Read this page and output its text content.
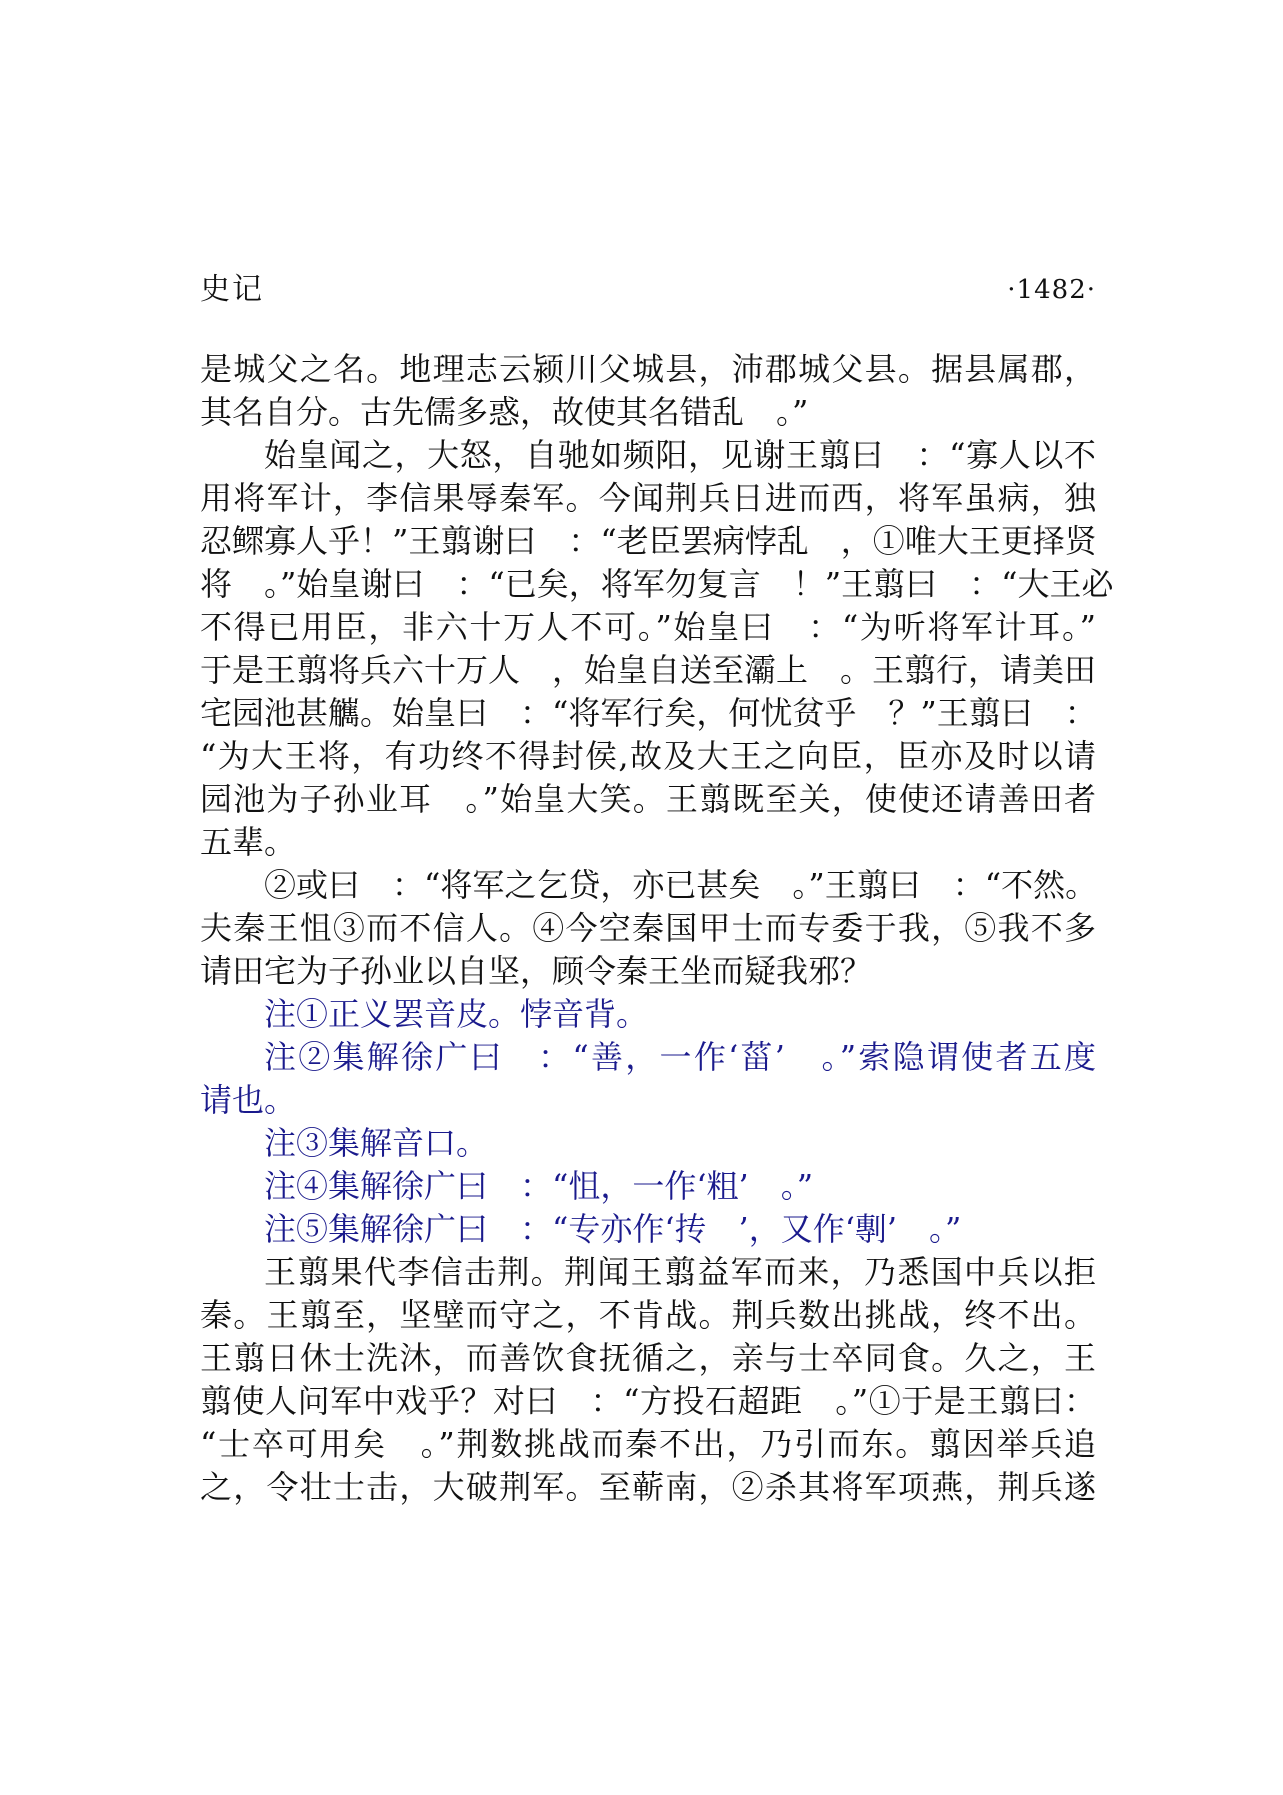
史记	·1482·
是城父之名。地理志云颍川父城县，沛郡城父县。据县属郡，
其名自分。古先儒多惑，故使其名错乱　。”
始皇闻之，大怒，自驰如频阳，见谢王翦曰　：“寡人以不
用将军计，李信果辱秦军。今闻荆兵日进而西，将军虽病，独
忍鳏寡人乎！”王翦谢曰　：“老臣罢病悖乱　，①唯大王更择贤
将　。”始皇谢曰　：“已矣，将军勿复言　！”王翦曰　：“大王必
不得已用臣，非六十万人不可。”始皇曰　：“为听将军计耳。”
于是王翦将兵六十万人　，始皇自送至灞上　。王翦行，请美田
宅园池甚觽。始皇曰　：“将军行矣，何忧贫乎　？”王翦曰　：
“为大王将，有功终不得封侯,故及大王之向臣，臣亦及时以请
园池为子孙业耳　。”始皇大笑。王翦既至关，使使还请善田者
五辈。
②或曰　：“将军之乞贷，亦已甚矣　。”王翦曰　：“不然。
夫秦王怚③而不信人。④今空秦国甲士而专委于我，⑤我不多
请田宅为子孙业以自坚，顾令秦王坐而疑我邪？
注①正义罢音皮。悖音背。
注②集解徐广曰　：“善，一作‘菑’　。”索隐谓使者五度
请也。
注③集解音口。
注④集解徐广曰　：“怚，一作‘粗’　。”
注⑤集解徐广曰　：“专亦作‘抟　’，又作‘剸’　。”
王翦果代李信击荆。荆闻王翦益军而来，乃悉国中兵以拒
秦。王翦至，坚壁而守之，不肯战。荆兵数出挑战，终不出。
王翦日休士洗沐，而善饮食抚循之，亲与士卒同食。久之，王
翦使人问军中戏乎？对曰　：“方投石超距　。”①于是王翦曰：
“士卒可用矣　。”荆数挑战而秦不出，乃引而东。翦因举兵追
之，令壮士击，大破荆军。至蕲南，②杀其将军项燕，荆兵遂
